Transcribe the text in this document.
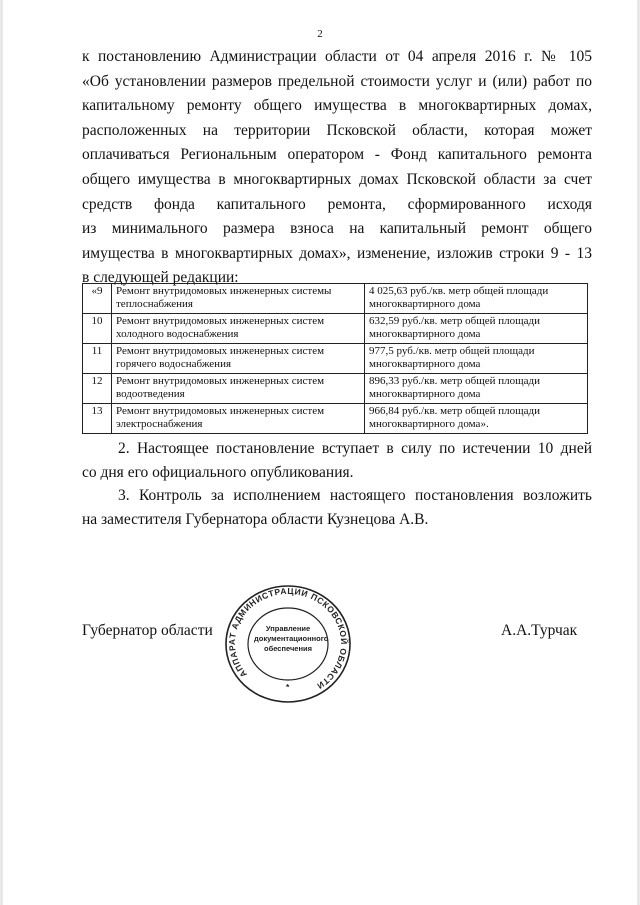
2
к постановлению Администрации области от 04 апреля 2016 г. № 105
«Об установлении размеров предельной стоимости услуг и (или) работ по
капитальному ремонту общего имущества в многоквартирных домах,
расположенных на территории Псковской области, которая может
оплачиваться Региональным оператором - Фонд капитального ремонта
общего имущества в многоквартирных домах Псковской области за счет
средств фонда капитального ремонта, сформированного исходя
из минимального размера взноса на капитальный ремонт общего
имущества в многоквартирных домах», изменение, изложив строки 9 - 13
в следующей редакции:
«9	Ремонт внутридомовых инженерных системы теплоснабжения	4 025,63 руб./кв. метр общей площади многоквартирного дома
10	Ремонт внутридомовых инженерных систем холодного водоснабжения	632,59 руб./кв. метр общей площади многоквартирного дома
11	Ремонт внутридомовых инженерных систем горячего водоснабжения	977,5 руб./кв. метр общей площади многоквартирного дома
12	Ремонт внутридомовых инженерных систем водоотведения	896,33 руб./кв. метр общей площади многоквартирного дома
13	Ремонт внутридомовых инженерных систем электроснабжения	966,84 руб./кв. метр общей площади многоквартирного дома».
2. Настоящее постановление вступает в силу по истечении 10 дней
со дня его официального опубликования.
3. Контроль за исполнением настоящего постановления возложить
на заместителя Губернатора области Кузнецова А.В.
Губернатор области
АППАРАТ АДМИНИСТРАЦИИ ПСКОВСКОЙ ОБЛАСТИ
*
Управление
документационного
обеспечения
А.А.Турчак
